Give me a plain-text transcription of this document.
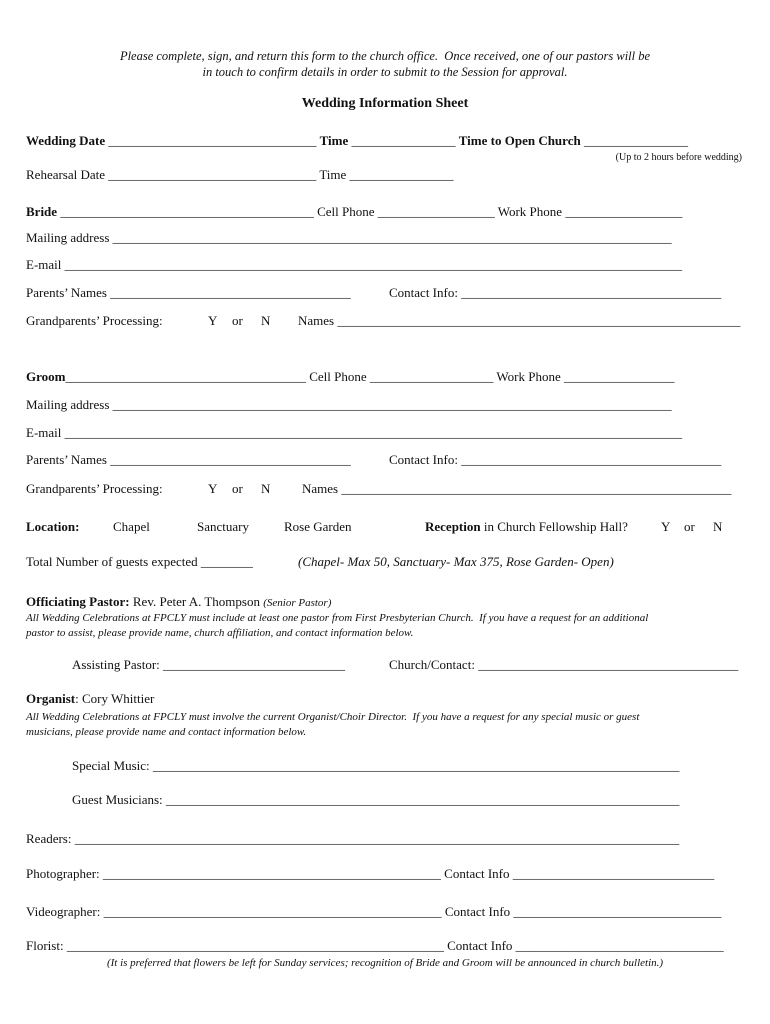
Please complete, sign, and return this form to the church office.  Once received, one of our pastors will be
in touch to confirm details in order to submit to the Session for approval.
Wedding Information Sheet
Wedding Date ________________________________ Time ________________ Time to Open Church ________________
(Up to 2 hours before wedding)
Rehearsal Date ________________________________ Time ________________
Bride _______________________________________ Cell Phone __________________ Work Phone __________________
Mailing address ______________________________________________________________________________________
E-mail _______________________________________________________________________________________________
Parents’ Names _____________________________________	Contact Info: ________________________________________
Grandparents’ Processing:	Y or N Names ______________________________________________________________
Groom_____________________________________ Cell Phone ___________________ Work Phone _________________
Mailing address ______________________________________________________________________________________
E-mail _______________________________________________________________________________________________
Parents’ Names _____________________________________	Contact Info: ________________________________________
Grandparents’ Processing:	Y or N Names ____________________________________________________________
Location:	Chapel	Sanctuary	Rose Garden	Reception in Church Fellowship Hall?	Y or N
Total Number of guests expected ________	(Chapel- Max 50, Sanctuary- Max 375, Rose Garden- Open)
Officiating Pastor: Rev. Peter A. Thompson (Senior Pastor)
All Wedding Celebrations at FPCLY must include at least one pastor from First Presbyterian Church.  If you have a request for an additional
pastor to assist, please provide name, church affiliation, and contact information below.
Assisting Pastor: ____________________________	Church/Contact: ________________________________________
Organist: Cory Whittier
All Wedding Celebrations at FPCLY must involve the current Organist/Choir Director.  If you have a request for any special music or guest
musicians, please provide name and contact information below.
Special Music: _________________________________________________________________________________
Guest Musicians: _______________________________________________________________________________
Readers: _____________________________________________________________________________________________
Photographer: ____________________________________________________ Contact Info _______________________________
Videographer: ____________________________________________________ Contact Info ________________________________
Florist: __________________________________________________________ Contact Info ________________________________
(It is preferred that flowers be left for Sunday services; recognition of Bride and Groom will be announced in church bulletin.)
